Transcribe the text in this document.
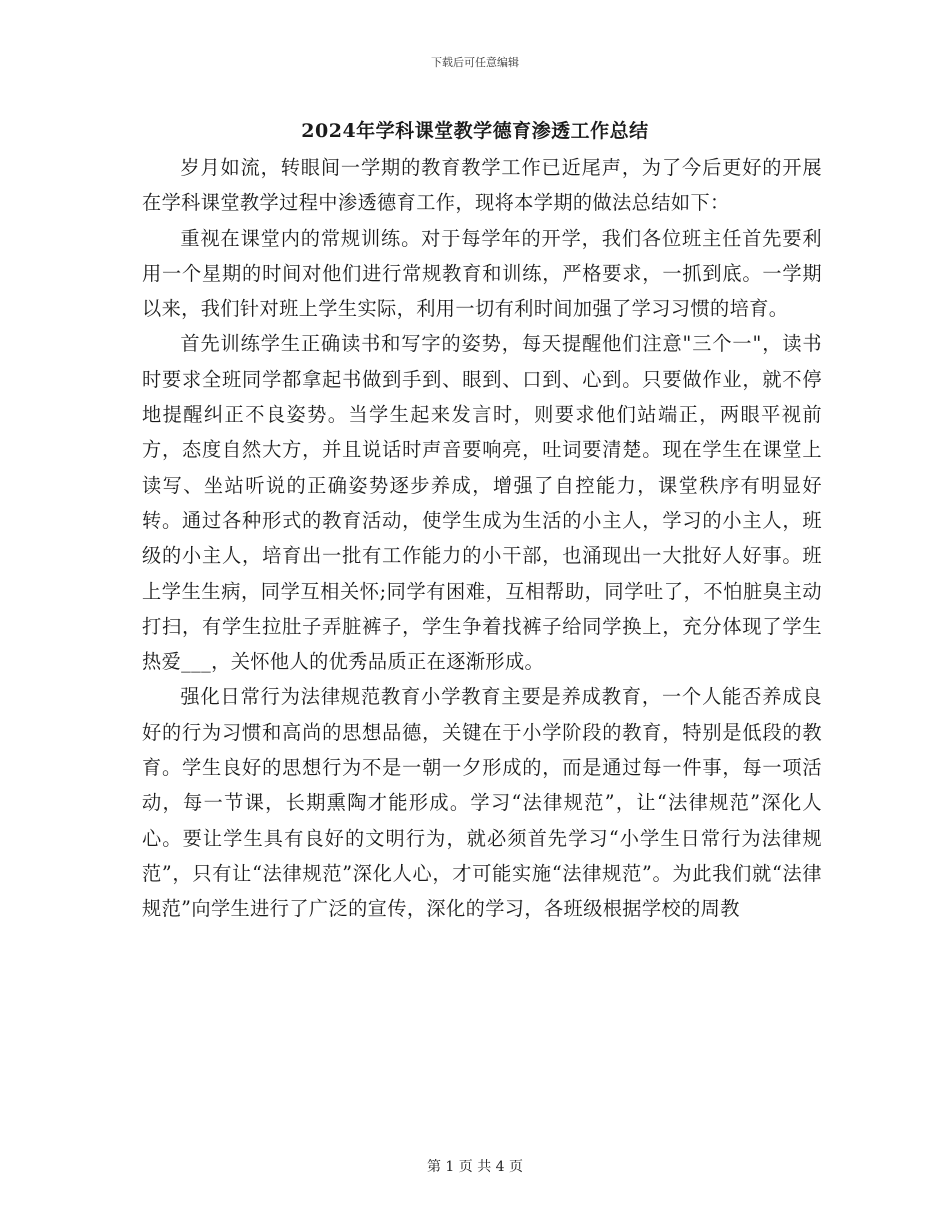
下载后可任意编辑
2024年学科课堂教学德育渗透工作总结

岁月如流，转眼间一学期的教育教学工作已近尾声，为了今后更好的开展在学科课堂教学过程中渗透德育工作，现将本学期的做法总结如下：

重视在课堂内的常规训练。对于每学年的开学，我们各位班主任首先要利用一个星期的时间对他们进行常规教育和训练，严格要求，一抓到底。一学期以来，我们针对班上学生实际，利用一切有利时间加强了学习习惯的培育。

首先训练学生正确读书和写字的姿势，每天提醒他们注意"三个一"，读书时要求全班同学都拿起书做到手到、眼到、口到、心到。只要做作业，就不停地提醒纠正不良姿势。当学生起来发言时，则要求他们站端正，两眼平视前方，态度自然大方，并且说话时声音要响亮，吐词要清楚。现在学生在课堂上读写、坐站听说的正确姿势逐步养成，增强了自控能力，课堂秩序有明显好转。通过各种形式的教育活动，使学生成为生活的小主人，学习的小主人，班级的小主人，培育出一批有工作能力的小干部，也涌现出一大批好人好事。班上学生生病，同学互相关怀;同学有困难，互相帮助，同学吐了，不怕脏臭主动打扫，有学生拉肚子弄脏裤子，学生争着找裤子给同学换上，充分体现了学生热爱___，关怀他人的优秀品质正在逐渐形成。

强化日常行为法律规范教育小学教育主要是养成教育，一个人能否养成良好的行为习惯和高尚的思想品德，关键在于小学阶段的教育，特别是低段的教育。学生良好的思想行为不是一朝一夕形成的，而是通过每一件事，每一项活动，每一节课，长期熏陶才能形成。学习“法律规范”，让“法律规范”深化人心。要让学生具有良好的文明行为，就必须首先学习“小学生日常行为法律规范”，只有让“法律规范”深化人心，才可能实施“法律规范”。为此我们就“法律规范”向学生进行了广泛的宣传，深化的学习，各班级根据学校的周教

第 1 页 共 4 页
